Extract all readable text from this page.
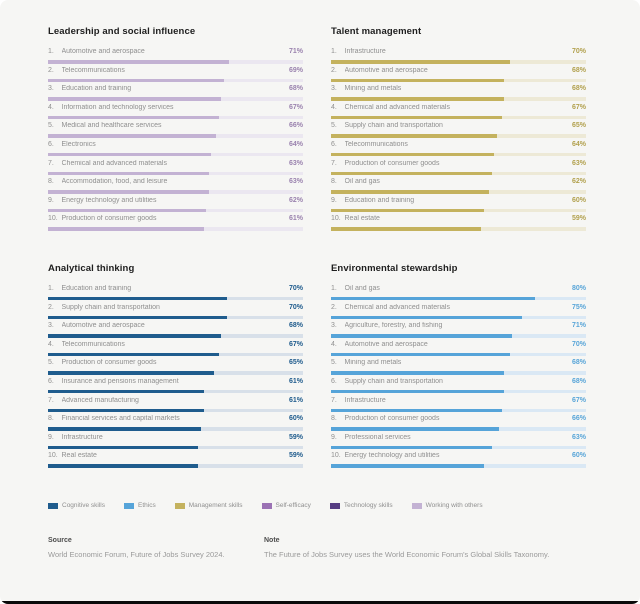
Leadership and social influence
1.	Automotive and aerospace	71%
2.	Telecommunications	69%
3.	Education and training	68%
4.	Information and technology services	67%
5.	Medical and healthcare services	66%
6.	Electronics	64%
7.	Chemical and advanced materials	63%
8.	Accommodation, food, and leisure	63%
9.	Energy technology and utilities	62%
10. Production of consumer goods	61%
Talent management
1.	Infrastructure	70%
2.	Automotive and aerospace	68%
3.	Mining and metals	68%
4.	Chemical and advanced materials	67%
5.	Supply chain and transportation	65%
6.	Telecommunications	64%
7.	Production of consumer goods	63%
8.	Oil and gas	62%
9.	Education and training	60%
10. Real estate	59%
Analytical thinking
1.	Education and training	70%
2.	Supply chain and transportation	70%
3.	Automotive and aerospace	68%
4.	Telecommunications	67%
5.	Production of consumer goods	65%
6.	Insurance and pensions management	61%
7.	Advanced manufacturing	61%
8.	Financial services and capital markets	60%
9.	Infrastructure	59%
10. Real estate	59%
Environmental stewardship
1.	Oil and gas	80%
2.	Chemical and advanced materials	75%
3.	Agriculture, forestry, and fishing	71%
4.	Automotive and aerospace	70%
5.	Mining and metals	68%
6.	Supply chain and transportation	68%
7.	Infrastructure	67%
8.	Production of consumer goods	66%
9.	Professional services	63%
10. Energy technology and utilities	60%
Cognitive skills	Ethics	Management skills	Self-efficacy	Technology skills	Working with others
Source
World Economic Forum, Future of Jobs Survey 2024.
Note
The Future of Jobs Survey uses the World Economic Forum's Global Skills Taxonomy.
